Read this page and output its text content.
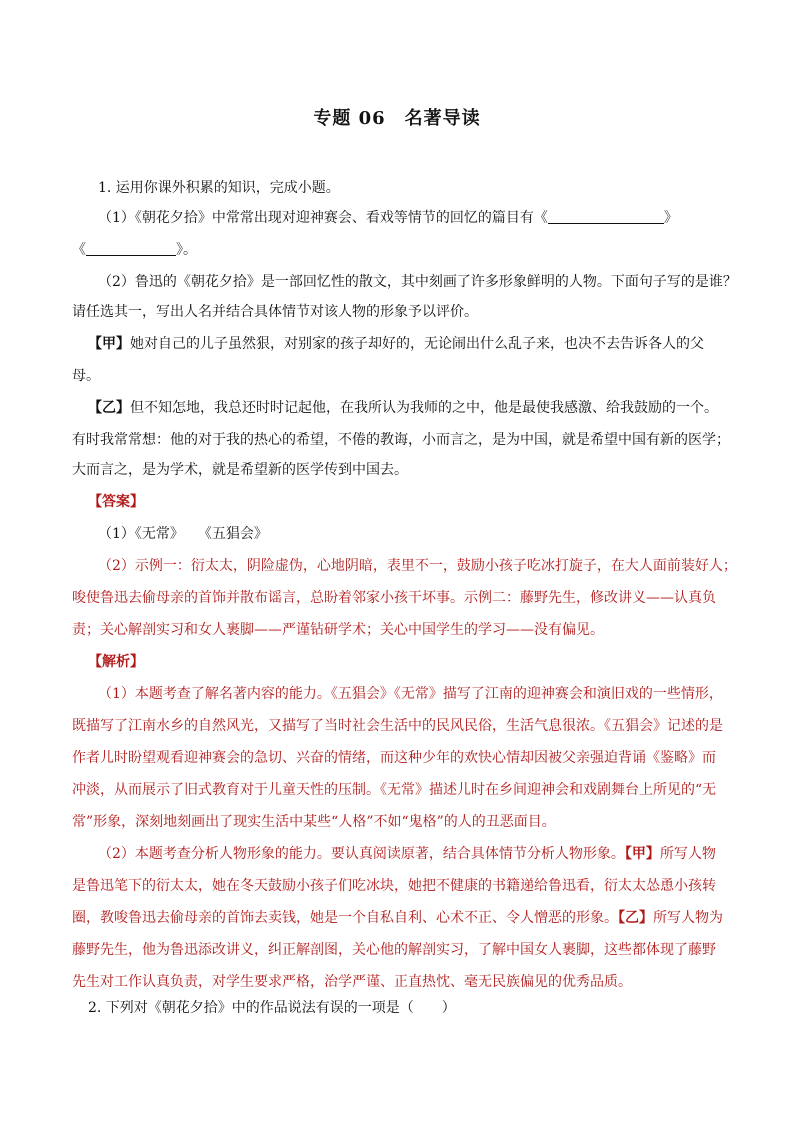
专题 06　名著导读
1. 运用你课外积累的知识，完成小题。
（1）《朝花夕拾》中常常出现对迎神赛会、看戏等情节的回忆的篇目有《	》
《	》。
（2）鲁迅的《朝花夕拾》是一部回忆性的散文，其中刻画了许多形象鲜明的人物。下面句子写的是谁？
请任选其一，写出人名并结合具体情节对该人物的形象予以评价。
【甲】她对自己的儿子虽然狠，对别家的孩子却好的，无论闹出什么乱子来，也决不去告诉各人的父
母。
【乙】但不知怎地，我总还时时记起他，在我所认为我师的之中，他是最使我感激、给我鼓励的一个。
有时我常常想：他的对于我的热心的希望，不倦的教诲，小而言之，是为中国，就是希望中国有新的医学；
大而言之，是为学术，就是希望新的医学传到中国去。
【答案】
（1）《无常》　　《五猖会》
（2）示例一：衍太太，阴险虚伪，心地阴暗，表里不一，鼓励小孩子吃冰打旋子，在大人面前装好人；
唆使鲁迅去偷母亲的首饰并散布谣言，总盼着邻家小孩干坏事。示例二：藤野先生，修改讲义——认真负
责；关心解剖实习和女人裹脚——严谨钻研学术；关心中国学生的学习——没有偏见。
【解析】
（1）本题考查了解名著内容的能力。《五猖会》《无常》描写了江南的迎神赛会和演旧戏的一些情形，
既描写了江南水乡的自然风光，又描写了当时社会生活中的民风民俗，生活气息很浓。《五猖会》记述的是
作者儿时盼望观看迎神赛会的急切、兴奋的情绪，而这种少年的欢快心情却因被父亲强迫背诵《鉴略》而
冲淡，从而展示了旧式教育对于儿童天性的压制。《无常》描述儿时在乡间迎神会和戏剧舞台上所见的“无
常”形象，深刻地刻画出了现实生活中某些“人格”不如“鬼格”的人的丑恶面目。
（2）本题考查分析人物形象的能力。要认真阅读原著，结合具体情节分析人物形象。【甲】所写人物
是鲁迅笔下的衍太太，她在冬天鼓励小孩子们吃冰块，她把不健康的书籍递给鲁迅看，衍太太怂恿小孩转
圈，教唆鲁迅去偷母亲的首饰去卖钱，她是一个自私自利、心术不正、令人憎恶的形象。【乙】所写人物为
藤野先生，他为鲁迅添改讲义，纠正解剖图，关心他的解剖实习，了解中国女人裹脚，这些都体现了藤野
先生对工作认真负责，对学生要求严格，治学严谨、正直热忱、毫无民族偏见的优秀品质。
2. 下列对《朝花夕拾》中的作品说法有误的一项是（　　）
